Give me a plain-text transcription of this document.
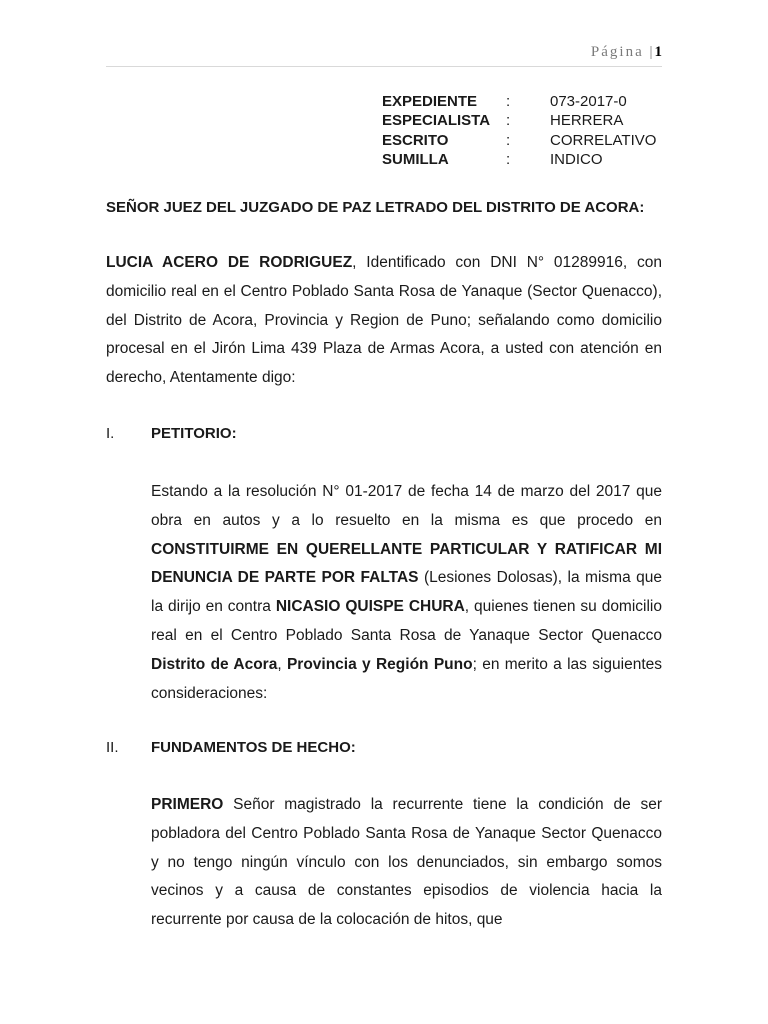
Página |1
EXPEDIENTE	:	073-2017-0
ESPECIALISTA	:	HERRERA
ESCRITO	:	CORRELATIVO
SUMILLA	:	INDICO
SEÑOR JUEZ DEL JUZGADO DE PAZ LETRADO DEL DISTRITO DE ACORA:
LUCIA ACERO DE RODRIGUEZ, Identificado con DNI N° 01289916, con domicilio real en el Centro Poblado Santa Rosa de Yanaque (Sector Quenacco), del Distrito de Acora, Provincia y Region de Puno; señalando como domicilio procesal en el Jirón Lima 439 Plaza de Armas Acora, a usted con atención en derecho, Atentamente digo:
I. PETITORIO:
Estando a la resolución N° 01-2017 de fecha 14 de marzo del 2017 que obra en autos y a lo resuelto en la misma es que procedo en CONSTITUIRME EN QUERELLANTE PARTICULAR Y RATIFICAR MI DENUNCIA DE PARTE POR FALTAS (Lesiones Dolosas), la misma que la dirijo en contra NICASIO QUISPE CHURA, quienes tienen su domicilio real en el Centro Poblado Santa Rosa de Yanaque Sector Quenacco Distrito de Acora, Provincia y Región Puno; en merito a las siguientes consideraciones:
II. FUNDAMENTOS DE HECHO:
PRIMERO Señor magistrado la recurrente tiene la condición de ser pobladora del Centro Poblado Santa Rosa de Yanaque Sector Quenacco y no tengo ningún vínculo con los denunciados, sin embargo somos vecinos y a causa de constantes episodios de violencia hacia la recurrente por causa de la colocación de hitos, que
